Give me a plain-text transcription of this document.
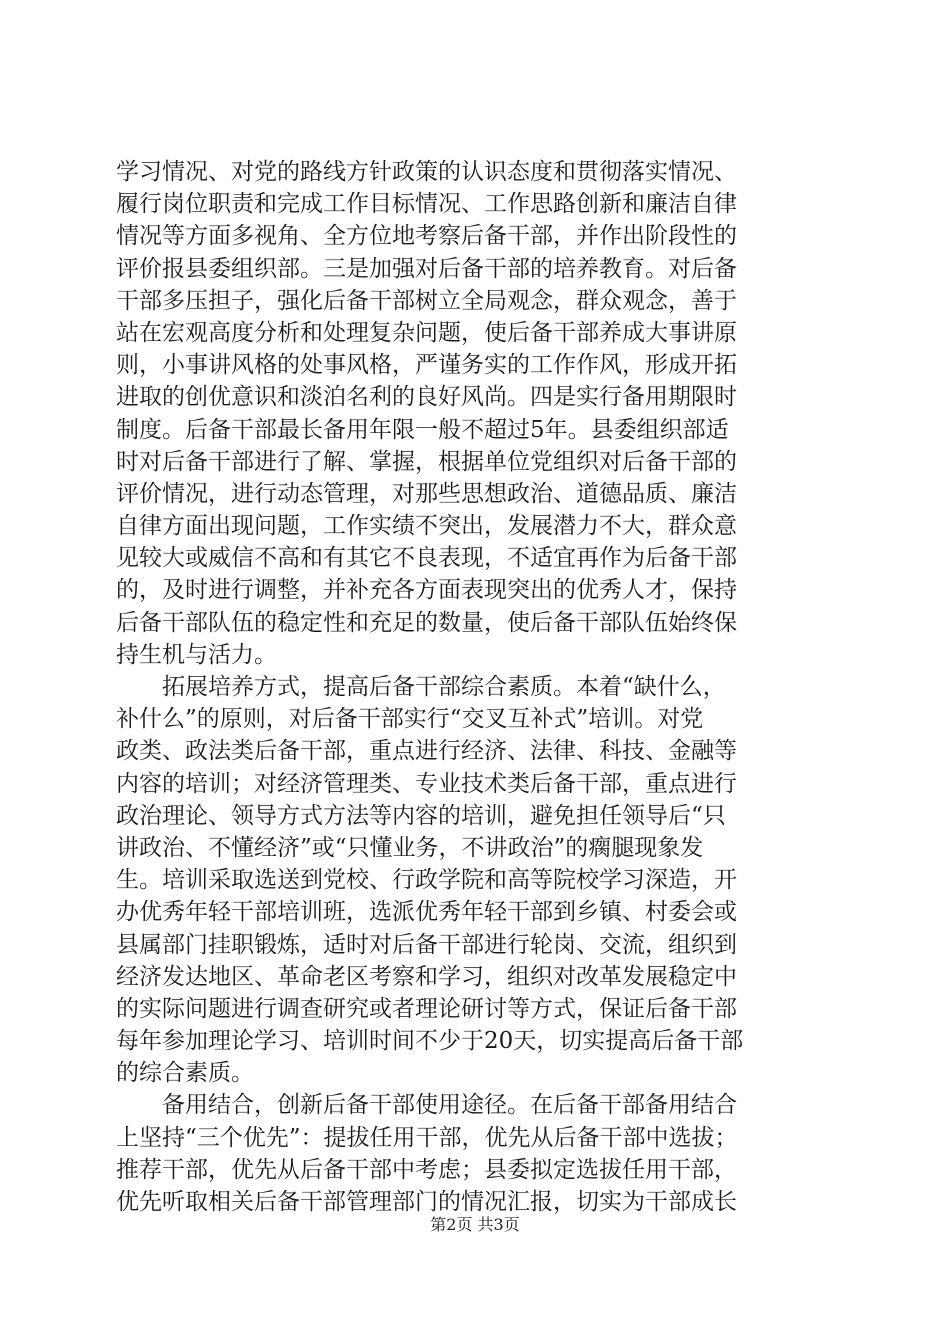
学习情况、对党的路线方针政策的认识态度和贯彻落实情况、
履行岗位职责和完成工作目标情况、工作思路创新和廉洁自律
情况等方面多视角、全方位地考察后备干部，并作出阶段性的
评价报县委组织部。三是加强对后备干部的培养教育。对后备
干部多压担子，强化后备干部树立全局观念，群众观念，善于
站在宏观高度分析和处理复杂问题，使后备干部养成大事讲原
则，小事讲风格的处事风格，严谨务实的工作作风，形成开拓
进取的创优意识和淡泊名利的良好风尚。四是实行备用期限时
制度。后备干部最长备用年限一般不超过5年。县委组织部适
时对后备干部进行了解、掌握，根据单位党组织对后备干部的
评价情况，进行动态管理，对那些思想政治、道德品质、廉洁
自律方面出现问题，工作实绩不突出，发展潜力不大，群众意
见较大或威信不高和有其它不良表现，不适宜再作为后备干部
的，及时进行调整，并补充各方面表现突出的优秀人才，保持
后备干部队伍的稳定性和充足的数量，使后备干部队伍始终保
持生机与活力。
　　拓展培养方式，提高后备干部综合素质。本着“缺什么，
补什么”的原则，对后备干部实行“交叉互补式”培训。对党
政类、政法类后备干部，重点进行经济、法律、科技、金融等
内容的培训；对经济管理类、专业技术类后备干部，重点进行
政治理论、领导方式方法等内容的培训，避免担任领导后“只
讲政治、不懂经济”或“只懂业务，不讲政治”的瘸腿现象发
生。培训采取选送到党校、行政学院和高等院校学习深造，开
办优秀年轻干部培训班，选派优秀年轻干部到乡镇、村委会或
县属部门挂职锻炼，适时对后备干部进行轮岗、交流，组织到
经济发达地区、革命老区考察和学习，组织对改革发展稳定中
的实际问题进行调查研究或者理论研讨等方式，保证后备干部
每年参加理论学习、培训时间不少于20天，切实提高后备干部
的综合素质。
　　备用结合，创新后备干部使用途径。在后备干部备用结合
上坚持“三个优先”：提拔任用干部，优先从后备干部中选拔；
推荐干部，优先从后备干部中考虑；县委拟定选拔任用干部，
优先听取相关后备干部管理部门的情况汇报，切实为干部成长
第2页 共3页
